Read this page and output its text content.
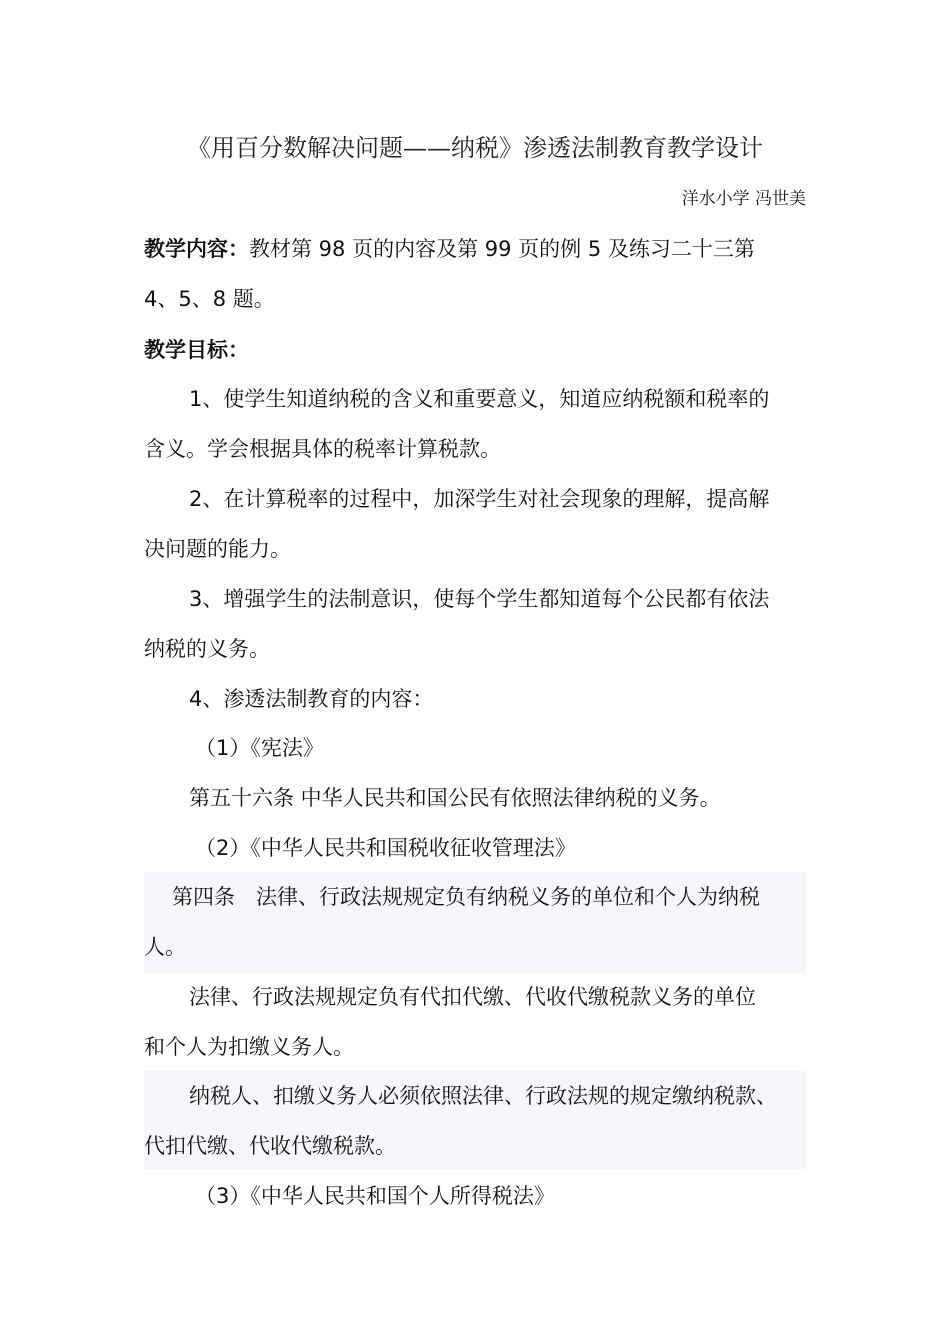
《用百分数解决问题——纳税》渗透法制教育教学设计
洋水小学 冯世美
教学内容：教材第 98 页的内容及第 99 页的例 5 及练习二十三第
4、5、8 题。
教学目标：
1、使学生知道纳税的含义和重要意义，知道应纳税额和税率的
含义。学会根据具体的税率计算税款。
2、在计算税率的过程中，加深学生对社会现象的理解，提高解
决问题的能力。
3、增强学生的法制意识，使每个学生都知道每个公民都有依法
纳税的义务。
4、渗透法制教育的内容：
（1）《宪法》
第五十六条 中华人民共和国公民有依照法律纳税的义务。
（2）《中华人民共和国税收征收管理法》
第四条　法律、行政法规规定负有纳税义务的单位和个人为纳税
人。
法律、行政法规规定负有代扣代缴、代收代缴税款义务的单位
和个人为扣缴义务人。
纳税人、扣缴义务人必须依照法律、行政法规的规定缴纳税款、
代扣代缴、代收代缴税款。
（3）《中华人民共和国个人所得税法》
